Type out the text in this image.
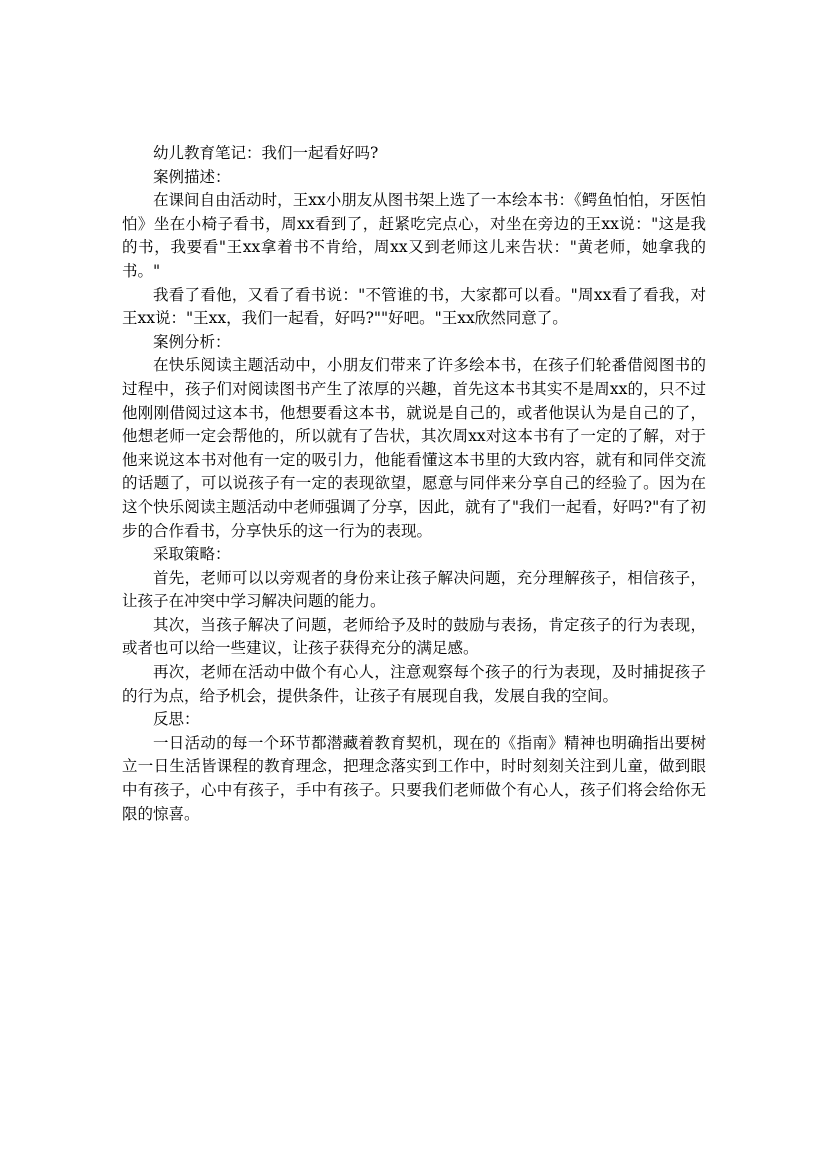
幼儿教育笔记：我们一起看好吗?

案例描述：

在课间自由活动时，王xx小朋友从图书架上选了一本绘本书：《鳄鱼怕怕，牙医怕怕》坐在小椅子看书，周xx看到了，赶紧吃完点心，对坐在旁边的王xx说："这是我的书，我要看"王xx拿着书不肯给，周xx又到老师这儿来告状："黄老师，她拿我的书。"

我看了看他，又看了看书说："不管谁的书，大家都可以看。"周xx看了看我，对王xx说："王xx，我们一起看，好吗?""好吧。"王xx欣然同意了。

案例分析：

在快乐阅读主题活动中，小朋友们带来了许多绘本书，在孩子们轮番借阅图书的过程中，孩子们对阅读图书产生了浓厚的兴趣，首先这本书其实不是周xx的，只不过他刚刚借阅过这本书，他想要看这本书，就说是自己的，或者他误认为是自己的了，他想老师一定会帮他的，所以就有了告状，其次周xx对这本书有了一定的了解，对于他来说这本书对他有一定的吸引力，他能看懂这本书里的大致内容，就有和同伴交流的话题了，可以说孩子有一定的表现欲望，愿意与同伴来分享自己的经验了。因为在这个快乐阅读主题活动中老师强调了分享，因此，就有了"我们一起看，好吗?"有了初步的合作看书，分享快乐的这一行为的表现。

采取策略：

首先，老师可以以旁观者的身份来让孩子解决问题，充分理解孩子，相信孩子，让孩子在冲突中学习解决问题的能力。

其次，当孩子解决了问题，老师给予及时的鼓励与表扬，肯定孩子的行为表现，或者也可以给一些建议，让孩子获得充分的满足感。

再次，老师在活动中做个有心人，注意观察每个孩子的行为表现，及时捕捉孩子的行为点，给予机会，提供条件，让孩子有展现自我，发展自我的空间。

反思：

一日活动的每一个环节都潜藏着教育契机，现在的《指南》精神也明确指出要树立一日生活皆课程的教育理念，把理念落实到工作中，时时刻刻关注到儿童，做到眼中有孩子，心中有孩子，手中有孩子。只要我们老师做个有心人，孩子们将会给你无限的惊喜。
